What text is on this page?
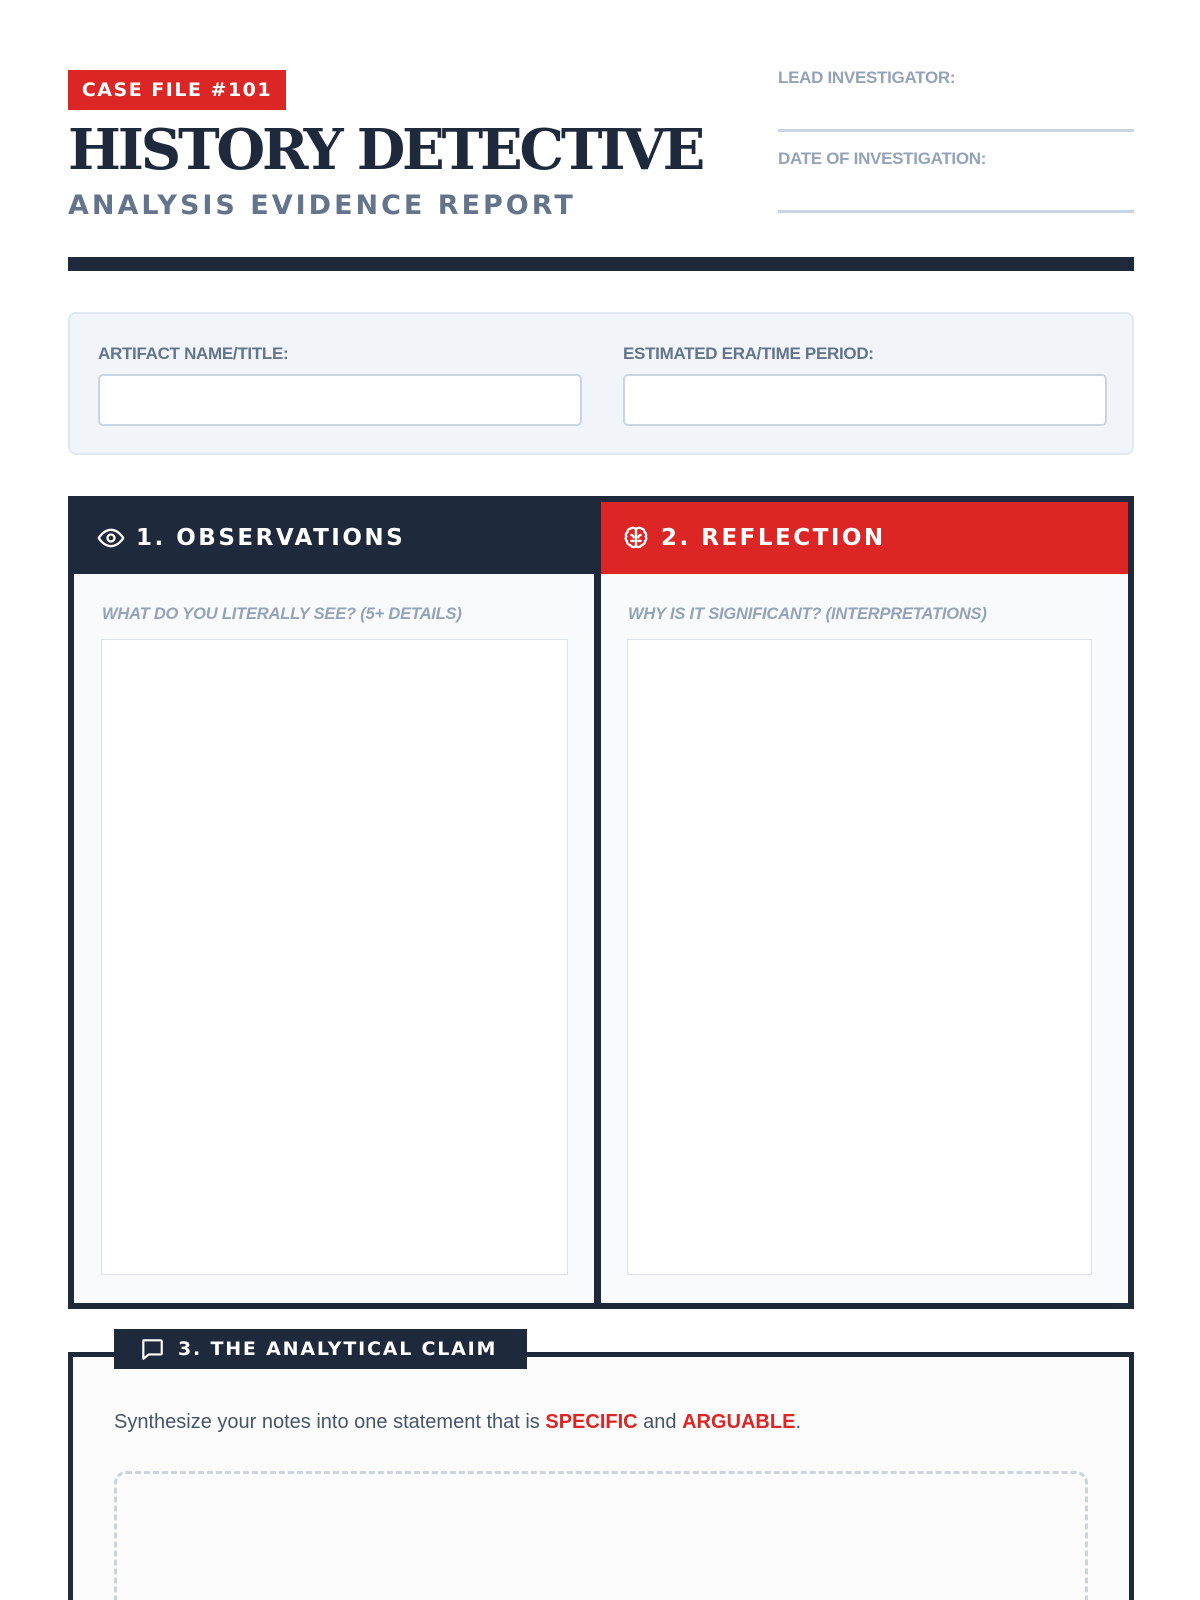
CASE FILE #101
HISTORY DETECTIVE
ANALYSIS EVIDENCE REPORT
LEAD INVESTIGATOR:
DATE OF INVESTIGATION:
ARTIFACT NAME/TITLE:	ESTIMATED ERA/TIME PERIOD:
1. OBSERVATIONS
WHAT DO YOU LITERALLY SEE? (5+ DETAILS)
2. REFLECTION
WHY IS IT SIGNIFICANT? (INTERPRETATIONS)
3. THE ANALYTICAL CLAIM
Synthesize your notes into one statement that is SPECIFIC and ARGUABLE.
